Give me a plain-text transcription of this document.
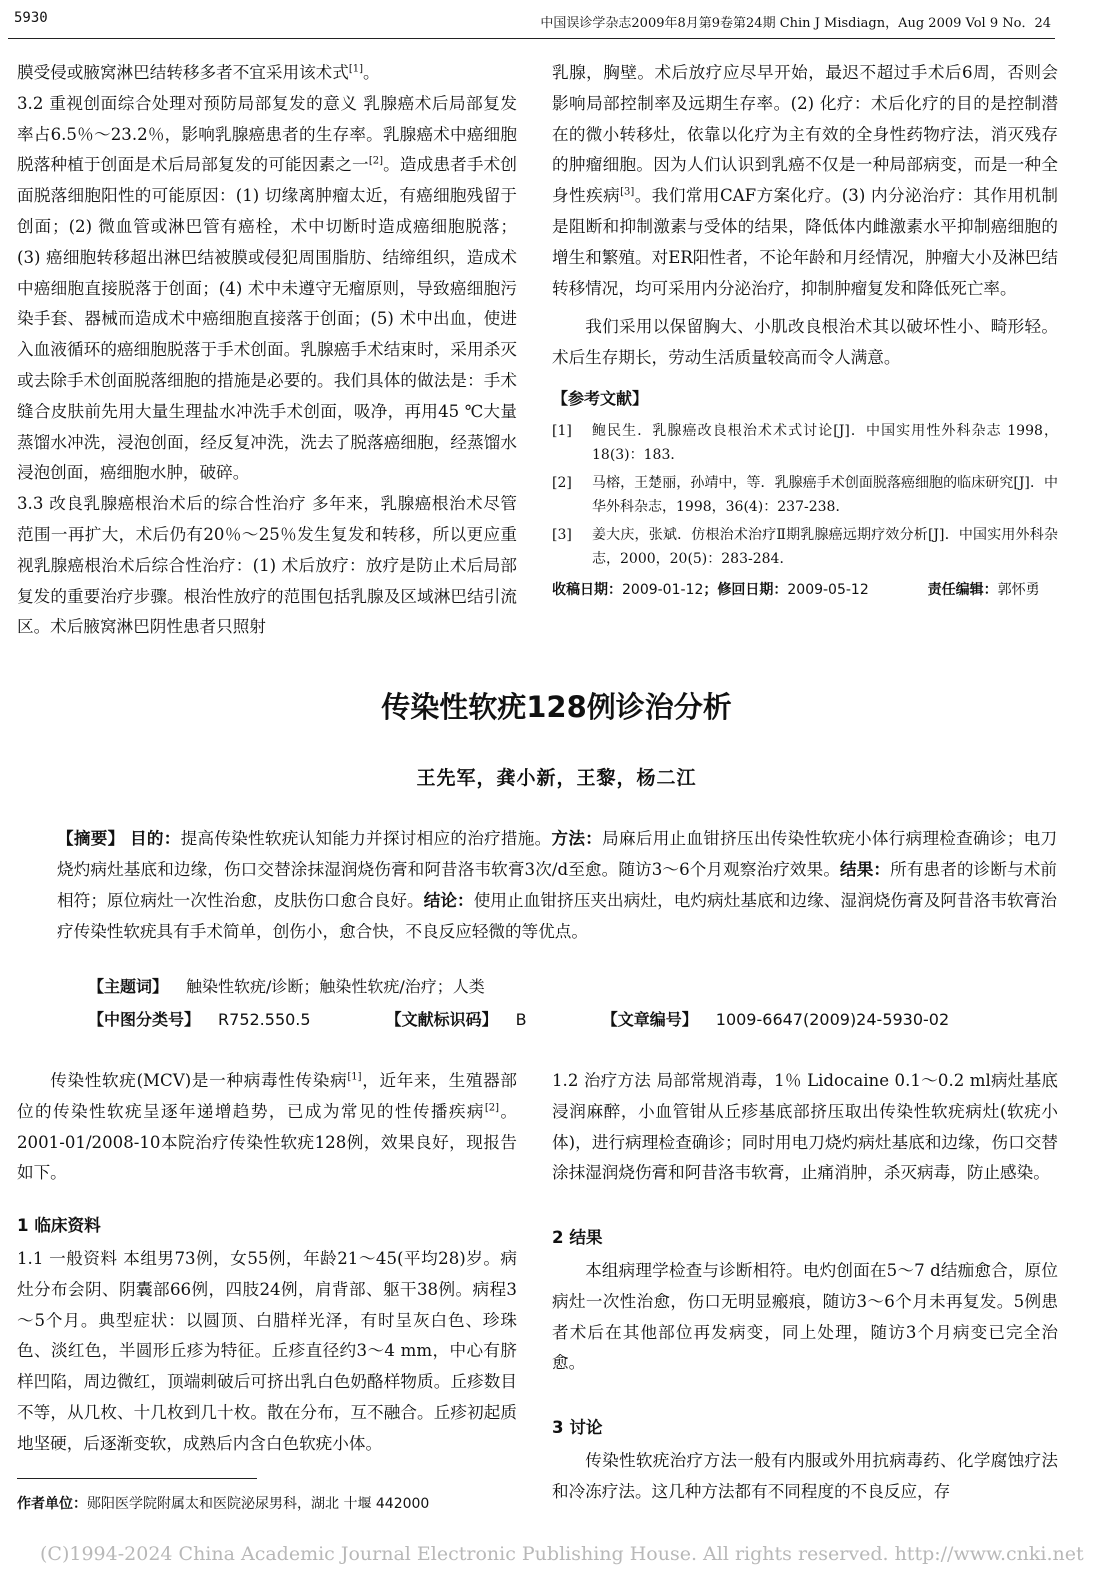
5930	中国误诊学杂志2009年8月第9卷第24期 Chin J Misdiagn，Aug 2009 Vol 9 No．24

膜受侵或腋窝淋巴结转移多者不宜采用该术式[1]。

3.2 重视创面综合处理对预防局部复发的意义 乳腺癌术后局部复发率占6.5％～23.2％，影响乳腺癌患者的生存率。乳腺癌术中癌细胞脱落种植于创面是术后局部复发的可能因素之一[2]。造成患者手术创面脱落细胞阳性的可能原因：(1) 切缘离肿瘤太近，有癌细胞残留于创面；(2) 微血管或淋巴管有癌栓，术中切断时造成癌细胞脱落；(3) 癌细胞转移超出淋巴结被膜或侵犯周围脂肪、结缔组织，造成术中癌细胞直接脱落于创面；(4) 术中未遵守无瘤原则，导致癌细胞污染手套、器械而造成术中癌细胞直接落于创面；(5) 术中出血，使进入血液循环的癌细胞脱落于手术创面。乳腺癌手术结束时，采用杀灭或去除手术创面脱落细胞的措施是必要的。我们具体的做法是：手术缝合皮肤前先用大量生理盐水冲洗手术创面，吸净，再用45 ℃大量蒸馏水冲洗，浸泡创面，经反复冲洗，洗去了脱落癌细胞，经蒸馏水浸泡创面，癌细胞水肿，破碎。

3.3 改良乳腺癌根治术后的综合性治疗 多年来，乳腺癌根治术尽管范围一再扩大，术后仍有20％～25％发生复发和转移，所以更应重视乳腺癌根治术后综合性治疗：(1) 术后放疗：放疗是防止术后局部复发的重要治疗步骤。根治性放疗的范围包括乳腺及区域淋巴结引流区。术后腋窝淋巴阴性患者只照射

乳腺，胸壁。术后放疗应尽早开始，最迟不超过手术后6周，否则会影响局部控制率及远期生存率。(2) 化疗：术后化疗的目的是控制潜在的微小转移灶，依靠以化疗为主有效的全身性药物疗法，消灭残存的肿瘤细胞。因为人们认识到乳癌不仅是一种局部病变，而是一种全身性疾病[3]。我们常用CAF方案化疗。(3) 内分泌治疗：其作用机制是阻断和抑制激素与受体的结果，降低体内雌激素水平抑制癌细胞的增生和繁殖。对ER阳性者，不论年龄和月经情况，肿瘤大小及淋巴结转移情况，均可采用内分泌治疗，抑制肿瘤复发和降低死亡率。

我们采用以保留胸大、小肌改良根治术其以破坏性小、畸形轻。术后生存期长，劳动生活质量较高而令人满意。

【参考文献】
[1]	鲍民生．乳腺癌改良根治术术式讨论[J]．中国实用性外科杂志 1998，18(3)：183．
[2]	马榕，王楚丽，孙靖中，等．乳腺癌手术创面脱落癌细胞的临床研究[J]．中华外科杂志，1998，36(4)：237-238．
[3]	姜大庆，张斌．仿根治术治疗Ⅱ期乳腺癌远期疗效分析[J]．中国实用外科杂志，2000，20(5)：283-284．
收稿日期：2009-01-12；修回日期：2009-05-12	责任编辑：郭怀勇
传染性软疣128例诊治分析
王先军，龚小新，王黎，杨二江

【摘要】 目的：提高传染性软疣认知能力并探讨相应的治疗措施。方法：局麻后用止血钳挤压出传染性软疣小体行病理检查确诊；电刀烧灼病灶基底和边缘，伤口交替涂抹湿润烧伤膏和阿昔洛韦软膏3次/d至愈。随访3～6个月观察治疗效果。结果：所有患者的诊断与术前相符；原位病灶一次性治愈，皮肤伤口愈合良好。结论：使用止血钳挤压夹出病灶，电灼病灶基底和边缘、湿润烧伤膏及阿昔洛韦软膏治疗传染性软疣具有手术简单，创伤小，愈合快，不良反应轻微的等优点。

【主题词】 触染性软疣/诊断；触染性软疣/治疗；人类
【中图分类号】 R752.550.5	【文献标识码】 B	【文章编号】 1009-6647(2009)24-5930-02

传染性软疣(MCV)是一种病毒性传染病[1]，近年来，生殖器部位的传染性软疣呈逐年递增趋势，已成为常见的性传播疾病[2]。2001-01/2008-10本院治疗传染性软疣128例，效果良好，现报告如下。

1 临床资料

1.1 一般资料 本组男73例，女55例，年龄21～45(平均28)岁。病灶分布会阴、阴囊部66例，四肢24例，肩背部、躯干38例。病程3～5个月。典型症状：以圆顶、白腊样光泽，有时呈灰白色、珍珠色、淡红色，半圆形丘疹为特征。丘疹直径约3～4 mm，中心有脐样凹陷，周边微红，顶端刺破后可挤出乳白色奶酪样物质。丘疹数目不等，从几枚、十几枚到几十枚。散在分布，互不融合。丘疹初起质地坚硬，后逐渐变软，成熟后内含白色软疣小体。

1.2 治疗方法 局部常规消毒，1％ Lidocaine 0.1～0.2 ml病灶基底浸润麻醉，小血管钳从丘疹基底部挤压取出传染性软疣病灶(软疣小体)，进行病理检查确诊；同时用电刀烧灼病灶基底和边缘，伤口交替涂抹湿润烧伤膏和阿昔洛韦软膏，止痛消肿，杀灭病毒，防止感染。

2 结果

本组病理学检查与诊断相符。电灼创面在5～7 d结痂愈合，原位病灶一次性治愈，伤口无明显瘢痕，随访3～6个月未再复发。5例患者术后在其他部位再发病变，同上处理，随访3个月病变已完全治愈。

3 讨论

传染性软疣治疗方法一般有内服或外用抗病毒药、化学腐蚀疗法和冷冻疗法。这几种方法都有不同程度的不良反应，存

作者单位：郧阳医学院附属太和医院泌尿男科，湖北 十堰 442000
(C)1994-2024 China Academic Journal Electronic Publishing House. All rights reserved. http://www.cnki.net
